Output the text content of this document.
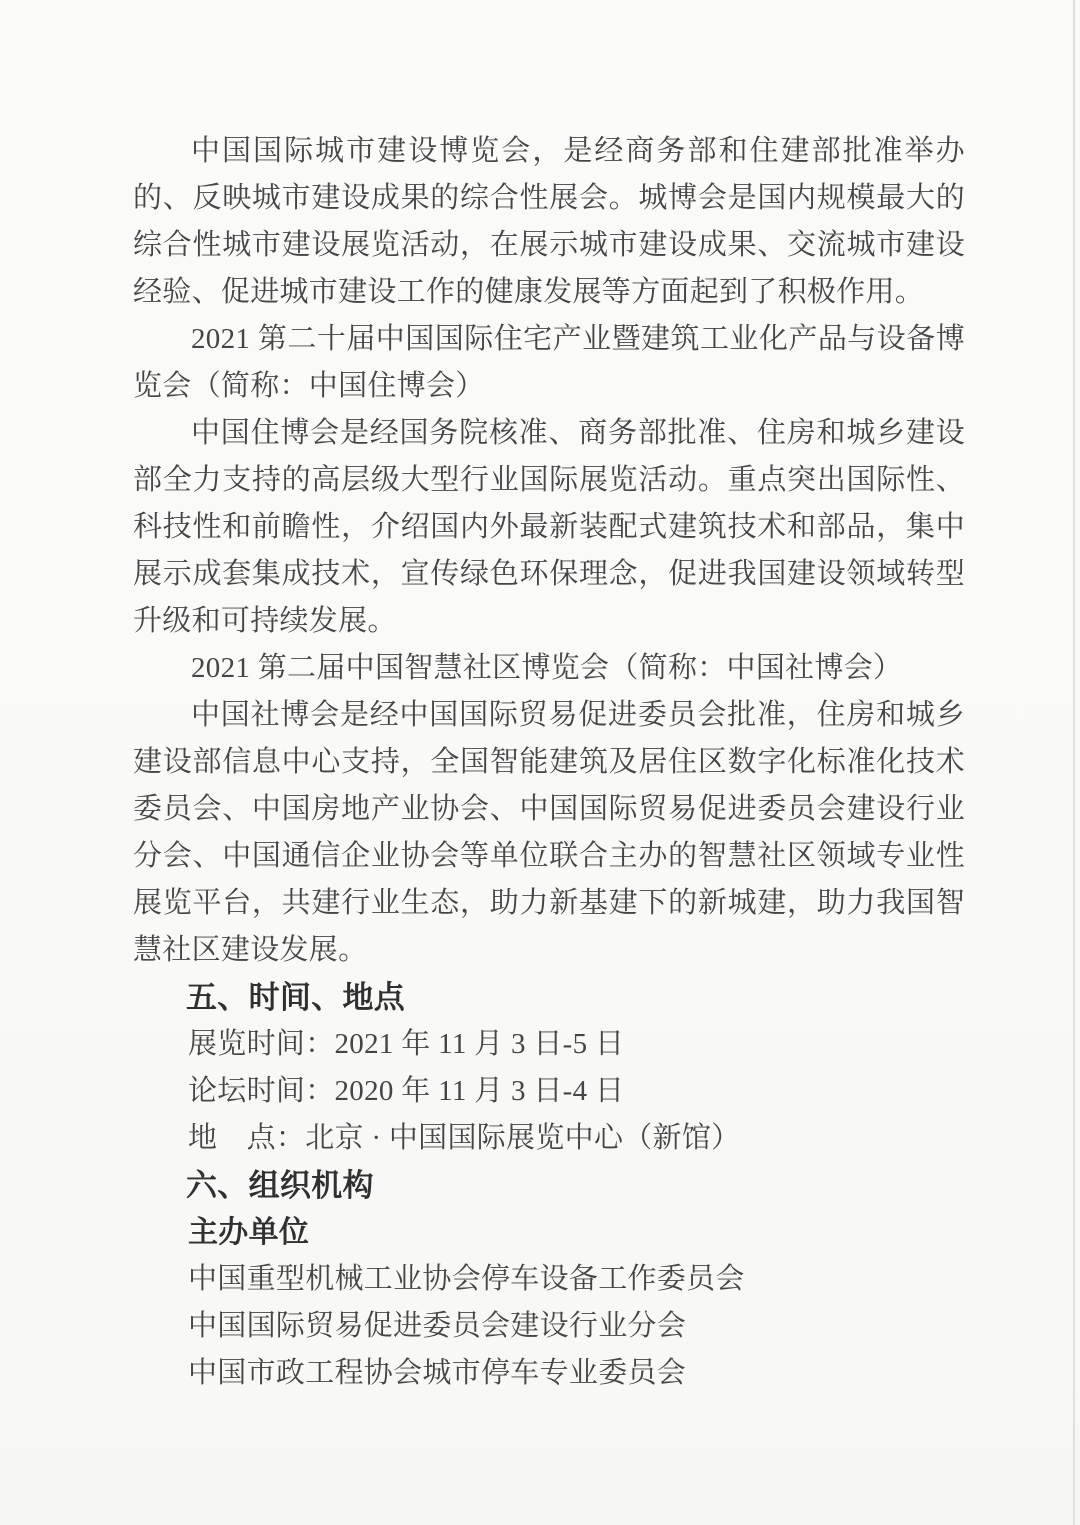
中国国际城市建设博览会，是经商务部和住建部批准举办的、反映城市建设成果的综合性展会。城博会是国内规模最大的综合性城市建设展览活动，在展示城市建设成果、交流城市建设经验、促进城市建设工作的健康发展等方面起到了积极作用。

2021 第二十届中国国际住宅产业暨建筑工业化产品与设备博览会（简称：中国住博会）

中国住博会是经国务院核准、商务部批准、住房和城乡建设部全力支持的高层级大型行业国际展览活动。重点突出国际性、科技性和前瞻性，介绍国内外最新装配式建筑技术和部品，集中展示成套集成技术，宣传绿色环保理念，促进我国建设领域转型升级和可持续发展。

2021 第二届中国智慧社区博览会（简称：中国社博会）

中国社博会是经中国国际贸易促进委员会批准，住房和城乡建设部信息中心支持，全国智能建筑及居住区数字化标准化技术委员会、中国房地产业协会、中国国际贸易促进委员会建设行业分会、中国通信企业协会等单位联合主办的智慧社区领域专业性展览平台，共建行业生态，助力新基建下的新城建，助力我国智慧社区建设发展。

五、时间、地点

展览时间：2021 年 11 月 3 日-5 日

论坛时间：2020 年 11 月 3 日-4 日

地　点：北京 · 中国国际展览中心（新馆）

六、组织机构

主办单位

中国重型机械工业协会停车设备工作委员会

中国国际贸易促进委员会建设行业分会

中国市政工程协会城市停车专业委员会
